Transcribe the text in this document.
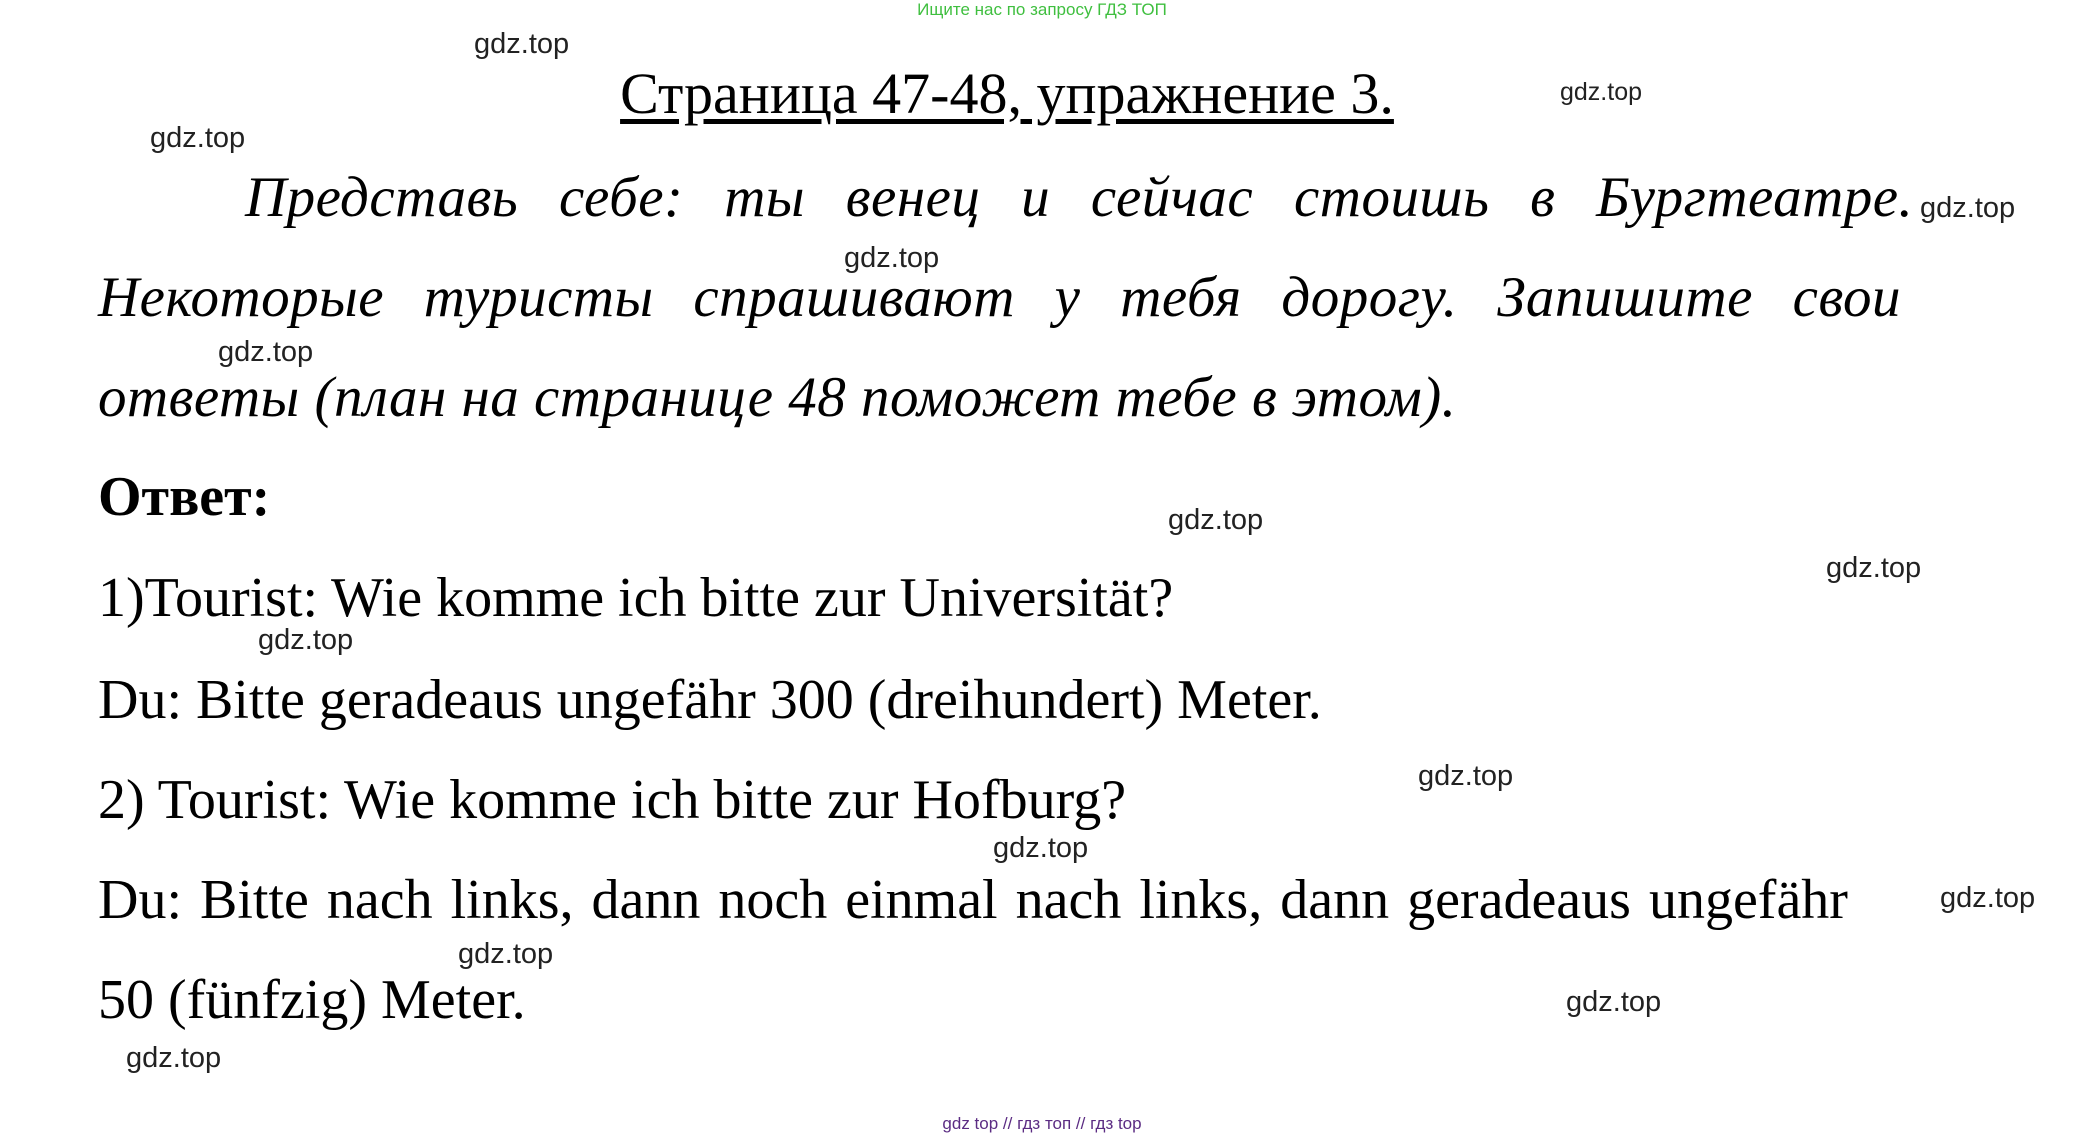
Ищите нас по запросу ГДЗ ТОП
Страница 47-48, упражнение 3.
Представь себе: ты венец и сейчас стоишь в Бургтеатре.
Некоторые туристы спрашивают у тебя дорогу. Запишите свои
ответы (план на странице 48 поможет тебе в этом).
Ответ:
1)Tourist: Wie komme ich bitte zur Universität?
Du: Bitte geradeaus ungefähr 300 (dreihundert) Meter.
2) Tourist: Wie komme ich bitte zur Hofburg?
Du: Bitte nach links, dann noch einmal nach links, dann geradeaus ungefähr
50 (fünfzig) Meter.
gdz.top
gdz.top
gdz.top
gdz.top
gdz.top
gdz.top
gdz.top
gdz.top
gdz.top
gdz.top
gdz.top
gdz.top
gdz.top
gdz.top
gdz.top
gdz top // гдз топ // гдз top
